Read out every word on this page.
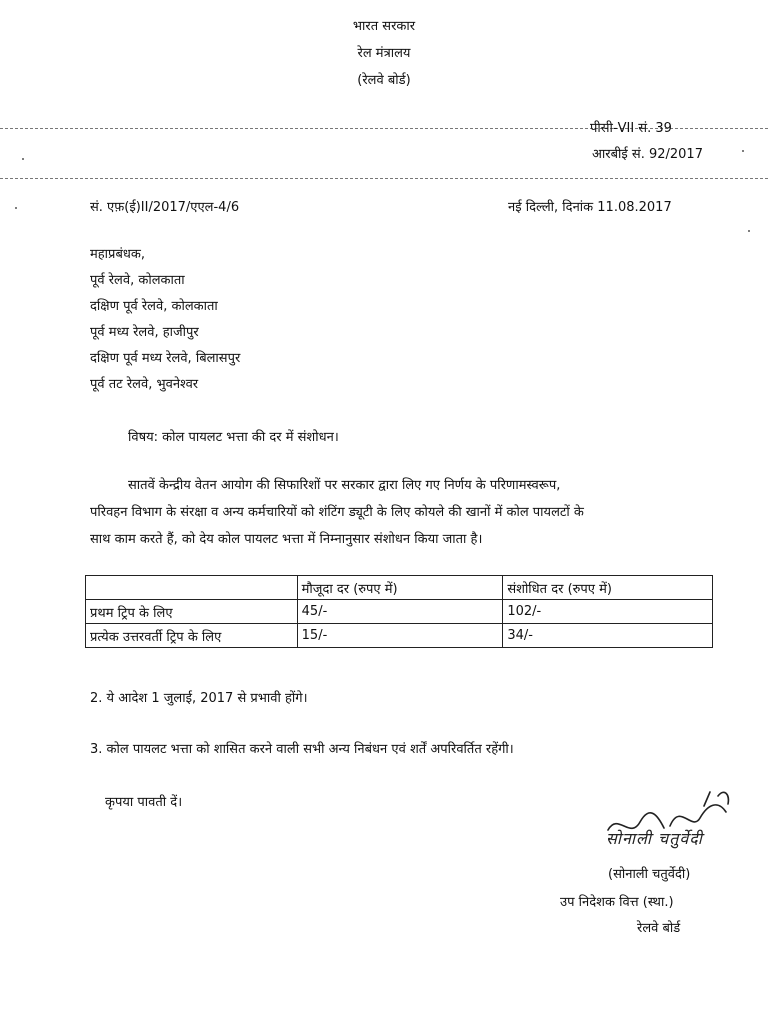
भारत सरकार
रेल मंत्रालय
(रेलवे बोर्ड)
पीसी-VII सं. 39
आरबीई सं. 92/2017
सं. एफ़(ई)II/2017/एएल-4/6	नई दिल्ली, दिनांक 11.08.2017
महाप्रबंधक,
पूर्व रेलवे, कोलकाता
दक्षिण पूर्व रेलवे, कोलकाता
पूर्व मध्य रेलवे, हाजीपुर
दक्षिण पूर्व मध्य रेलवे, बिलासपुर
पूर्व तट रेलवे, भुवनेश्वर
विषय: कोल पायलट भत्ता की दर में संशोधन।
सातवें केन्द्रीय वेतन आयोग की सिफारिशों पर सरकार द्वारा लिए गए निर्णय के परिणामस्वरूप,
परिवहन विभाग के संरक्षा व अन्य कर्मचारियों को शंटिंग ड्यूटी के लिए कोयले की खानों में कोल पायलटों के
साथ काम करते हैं, को देय कोल पायलट भत्ता में निम्नानुसार संशोधन किया जाता है।
	मौजूदा दर (रुपए में)	संशोधित दर (रुपए में)
प्रथम ट्रिप के लिए	45/-	102/-
प्रत्येक उत्तरवर्ती ट्रिप के लिए	15/-	34/-
2. ये आदेश 1 जुलाई, 2017 से प्रभावी होंगे।
3. कोल पायलट भत्ता को शासित करने वाली सभी अन्य निबंधन एवं शर्तें अपरिवर्तित रहेंगी।
कृपया पावती दें।
सोनाली चतुर्वेदी
(सोनाली चतुर्वेदी)
उप निदेशक वित्त (स्था.)
रेलवे बोर्ड
